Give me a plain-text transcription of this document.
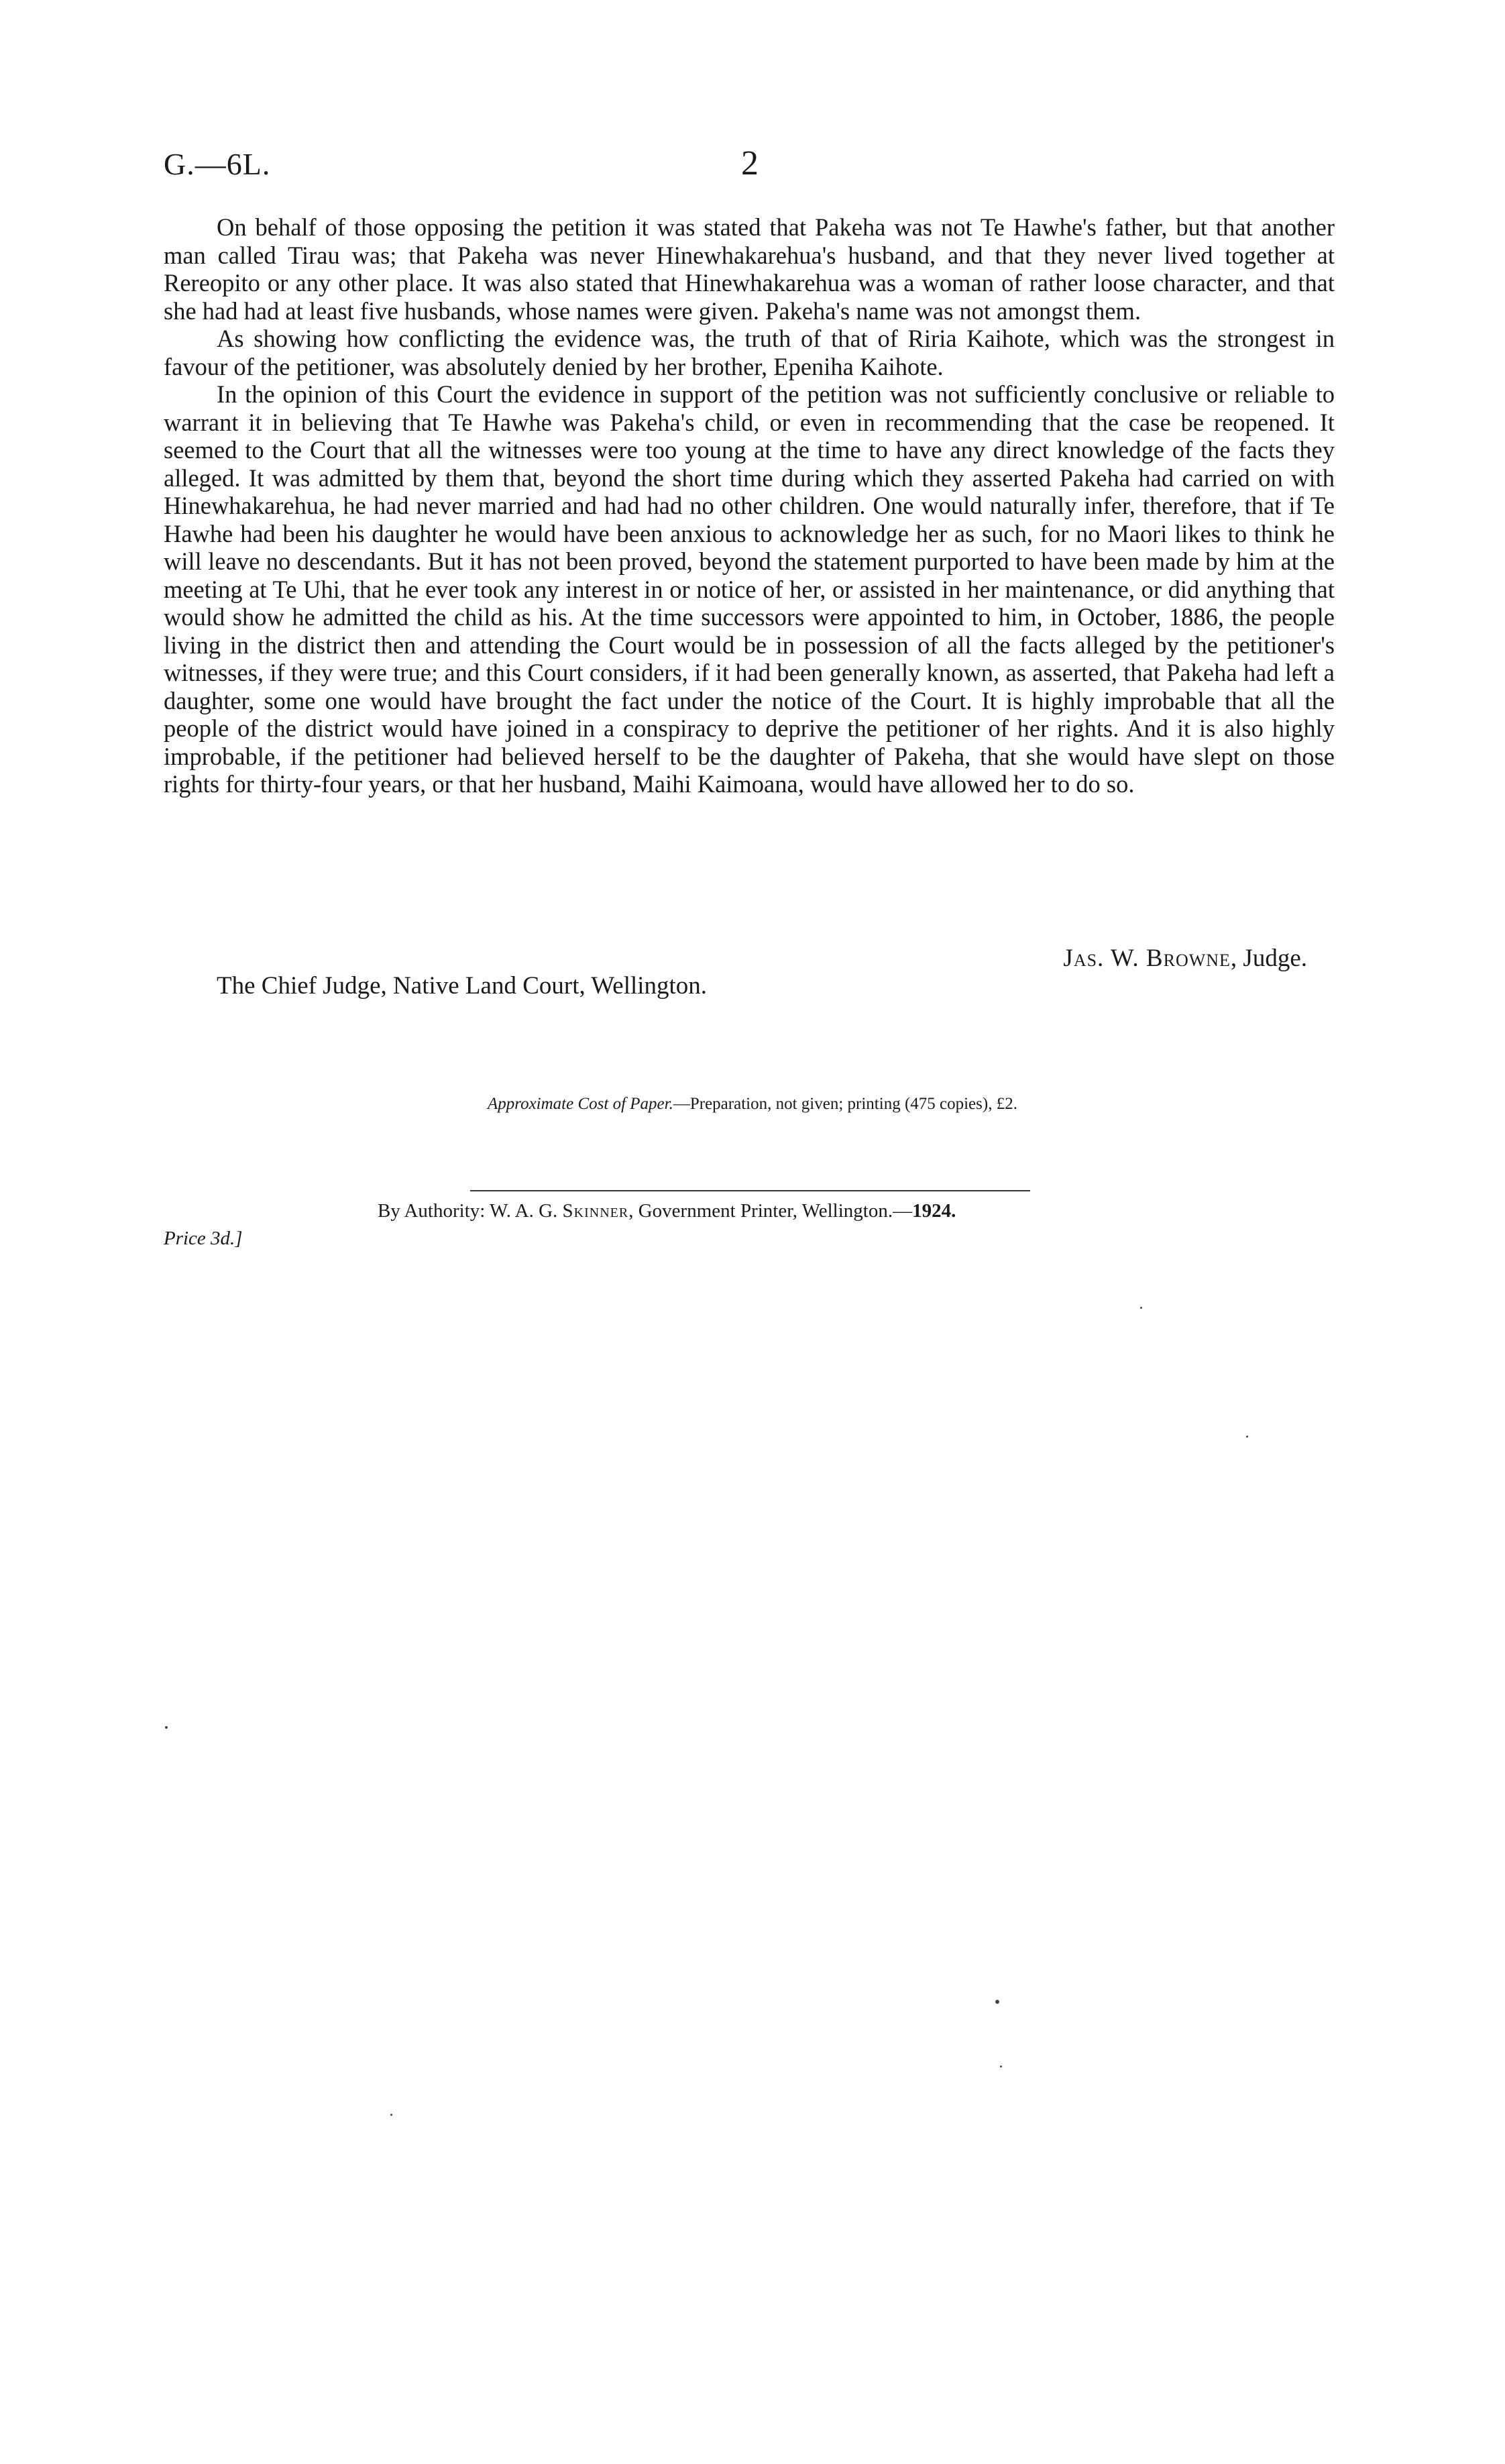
G.—6L.	2

On behalf of those opposing the petition it was stated that Pakeha was not Te Hawhe's father, but that another man called Tirau was; that Pakeha was never Hinewhakarehua's husband, and that they never lived together at Rereopito or any other place. It was also stated that Hinewhakarehua was a woman of rather loose character, and that she had had at least five husbands, whose names were given. Pakeha's name was not amongst them.

As showing how conflicting the evidence was, the truth of that of Riria Kaihote, which was the strongest in favour of the petitioner, was absolutely denied by her brother, Epeniha Kaihote.

In the opinion of this Court the evidence in support of the petition was not sufficiently conclusive or reliable to warrant it in believing that Te Hawhe was Pakeha's child, or even in recommending that the case be reopened. It seemed to the Court that all the witnesses were too young at the time to have any direct knowledge of the facts they alleged. It was admitted by them that, beyond the short time during which they asserted Pakeha had carried on with Hinewhakarehua, he had never married and had had no other children. One would naturally infer, therefore, that if Te Hawhe had been his daughter he would have been anxious to acknowledge her as such, for no Maori likes to think he will leave no descendants. But it has not been proved, beyond the statement purported to have been made by him at the meeting at Te Uhi, that he ever took any interest in or notice of her, or assisted in her maintenance, or did anything that would show he admitted the child as his. At the time successors were appointed to him, in October, 1886, the people living in the district then and attending the Court would be in possession of all the facts alleged by the petitioner's witnesses, if they were true; and this Court considers, if it had been generally known, as asserted, that Pakeha had left a daughter, some one would have brought the fact under the notice of the Court. It is highly improbable that all the people of the district would have joined in a conspiracy to deprive the petitioner of her rights. And it is also highly improbable, if the petitioner had believed herself to be the daughter of Pakeha, that she would have slept on those rights for thirty-four years, or that her husband, Maihi Kaimoana, would have allowed her to do so.

Jas. W. Browne, Judge.
The Chief Judge, Native Land Court, Wellington.
Approximate Cost of Paper.—Preparation, not given; printing (475 copies), £2.
By Authority: W. A. G. Skinner, Government Printer, Wellington.—1924.
Price 3d.]
